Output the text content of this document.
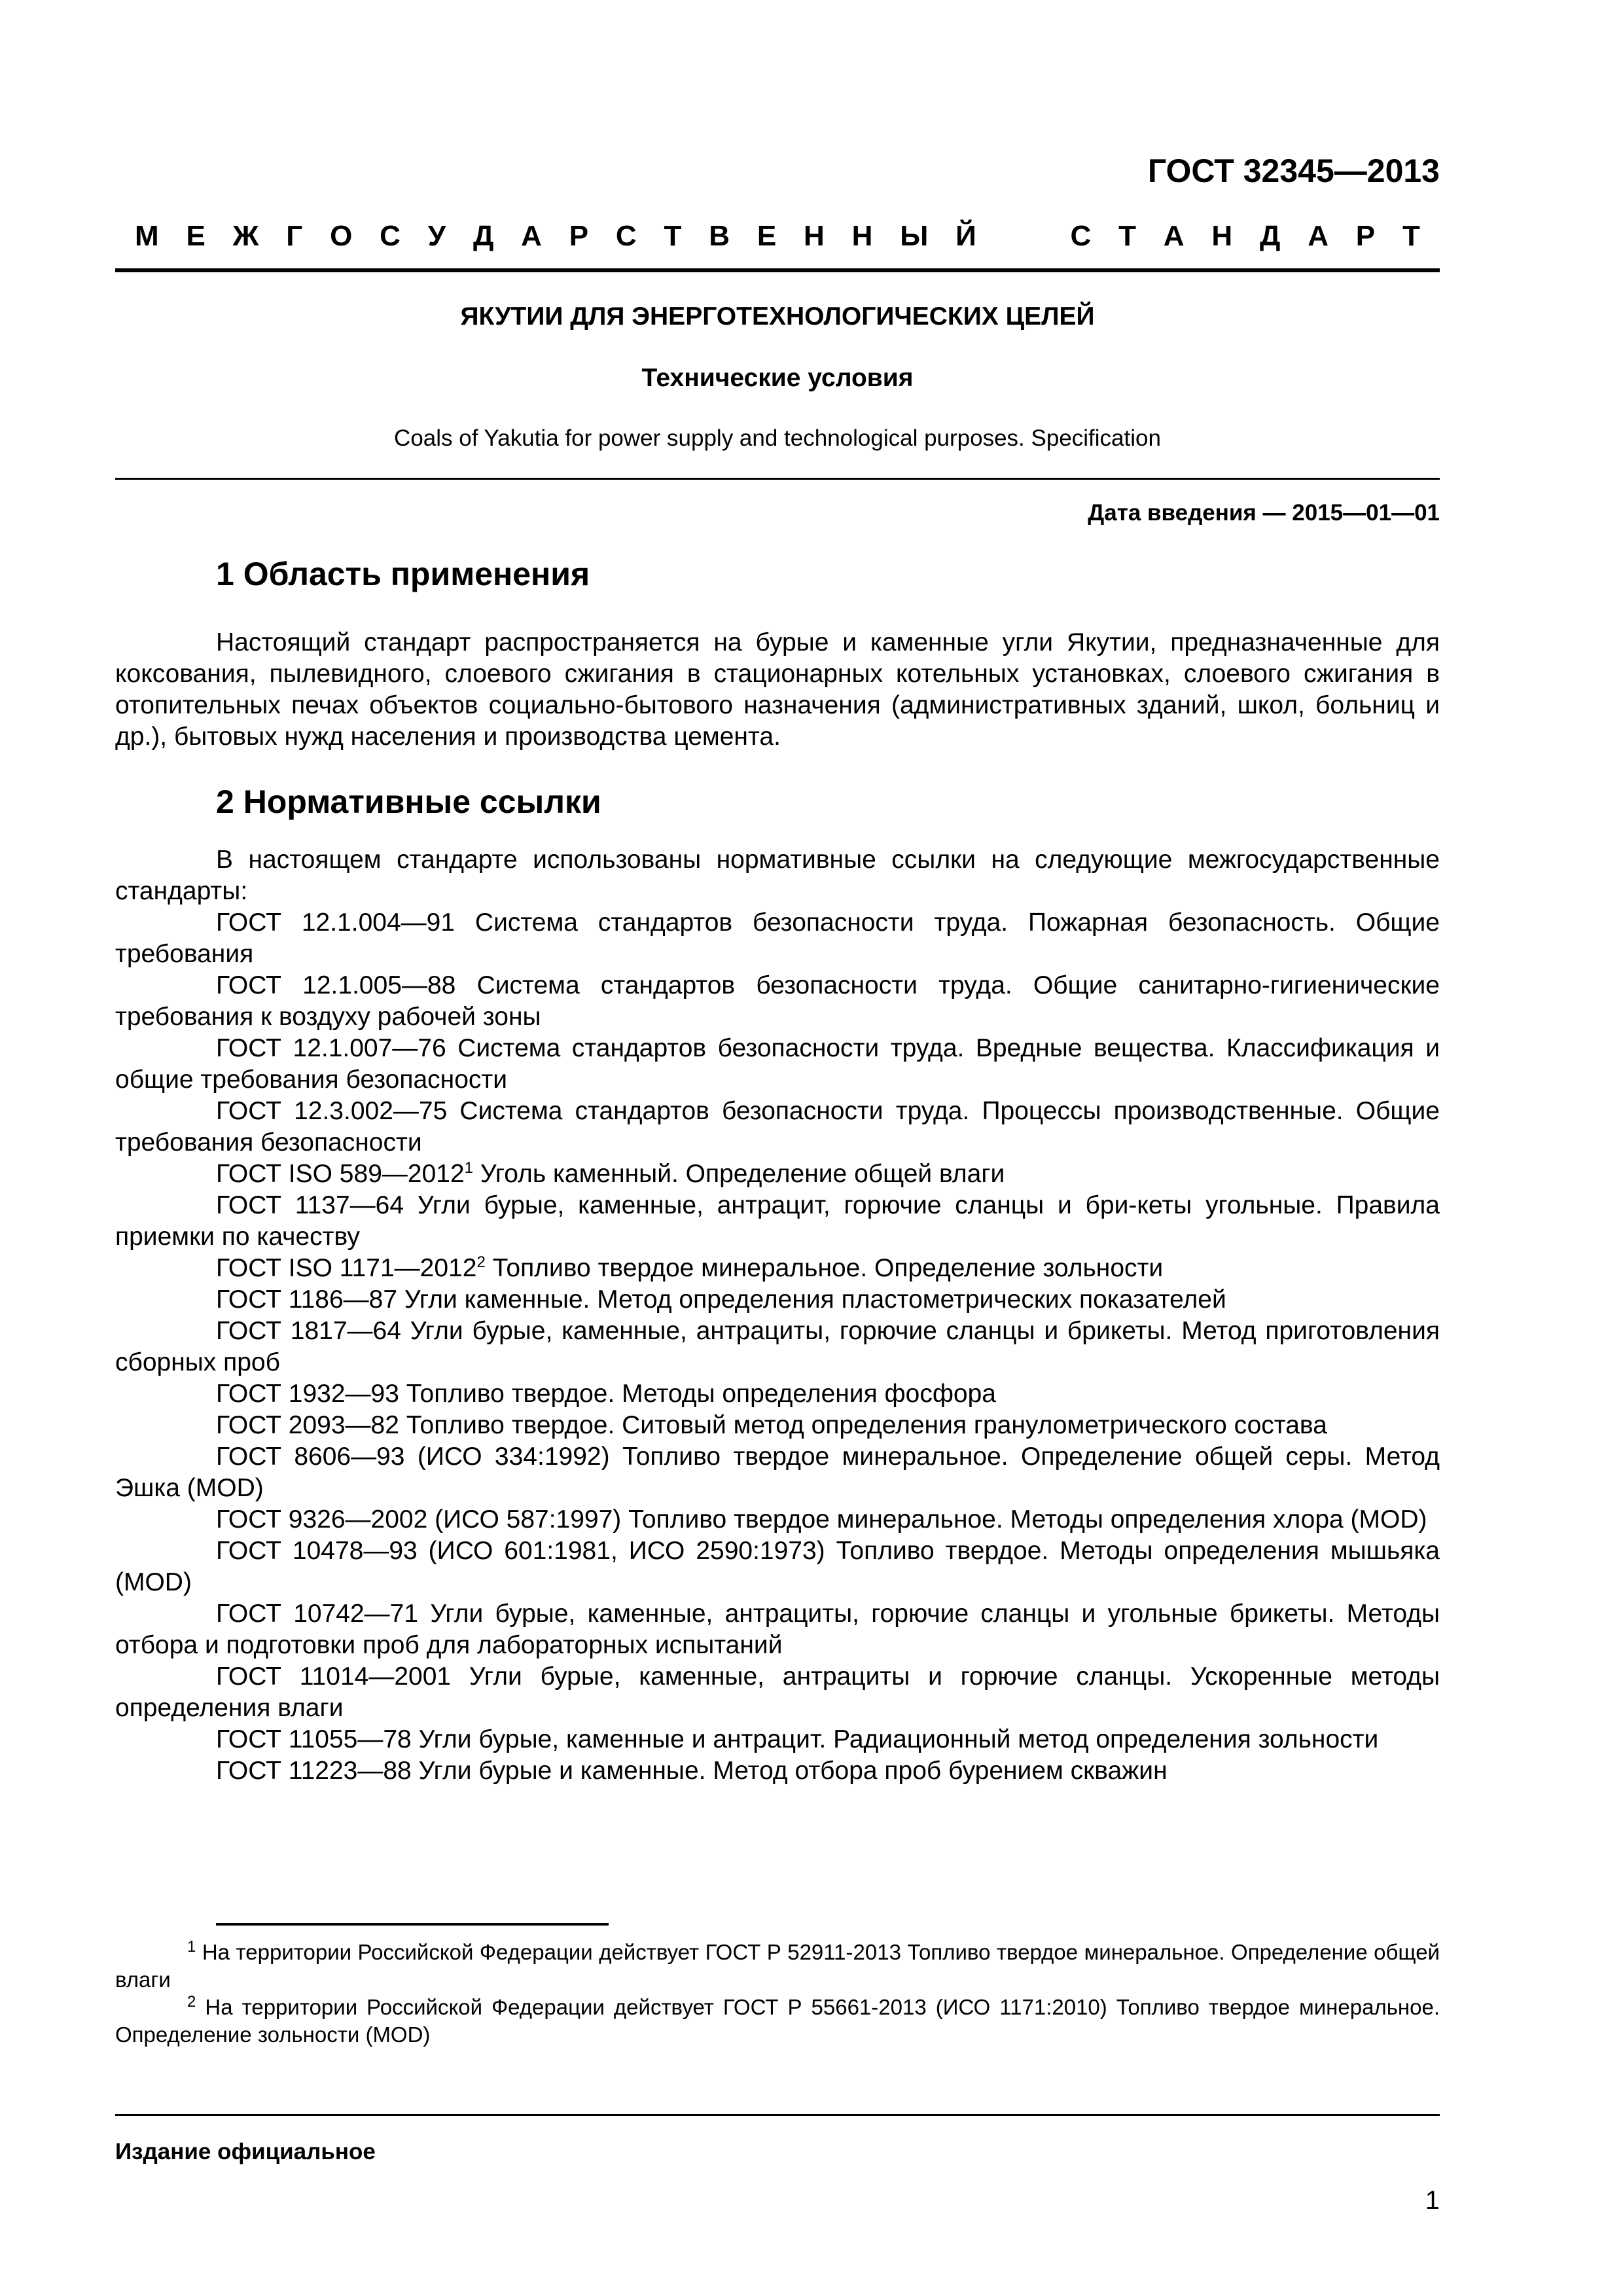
ГОСТ 32345—2013
М Е Ж Г О С У Д А Р С Т В Е Н Н Ы Й	С Т А Н Д А Р Т
ЯКУТИИ ДЛЯ ЭНЕРГОТЕХНОЛОГИЧЕСКИХ ЦЕЛЕЙ
Технические условия
Coals of Yakutia for power supply and technological purposes. Specification
Дата введения — 2015—01—01
1 Область применения
Настоящий стандарт распространяется на бурые и каменные угли Якутии, предназначенные для коксования, пылевидного, слоевого сжигания в стационарных котельных установках, слоевого сжигания в отопительных печах объектов социально-бытового назначения (административных зданий, школ, больниц и др.), бытовых нужд населения и производства цемента.
2 Нормативные ссылки

В настоящем стандарте использованы нормативные ссылки на следующие межгосударственные стандарты:

ГОСТ 12.1.004—91 Система стандартов безопасности труда. Пожарная безопасность. Общие требования

ГОСТ 12.1.005—88 Система стандартов безопасности труда. Общие санитарно-гигиенические требования к воздуху рабочей зоны

ГОСТ 12.1.007—76 Система стандартов безопасности труда. Вредные вещества. Классификация и общие требования безопасности

ГОСТ 12.3.002—75 Система стандартов безопасности труда. Процессы производственные. Общие требования безопасности

ГОСТ ISO 589—2012$^1$ Уголь каменный. Определение общей влаги

ГОСТ 1137—64 Угли бурые, каменные, антрацит, горючие сланцы и бри-кеты угольные. Правила приемки по качеству

ГОСТ ISO 1171—2012$^2$ Топливо твердое минеральное. Определение зольности

ГОСТ 1186—87 Угли каменные. Метод определения пластометрических показателей

ГОСТ 1817—64 Угли бурые, каменные, антрациты, горючие сланцы и брикеты. Метод приготовления сборных проб

ГОСТ 1932—93 Топливо твердое. Методы определения фосфора

ГОСТ 2093—82 Топливо твердое. Ситовый метод определения гранулометрического состава

ГОСТ 8606—93 (ИСО 334:1992) Топливо твердое минеральное. Определение общей серы. Метод Эшка (MOD)

ГОСТ 9326—2002 (ИСО 587:1997) Топливо твердое минеральное. Методы определения хлора (MOD)

ГОСТ 10478—93 (ИСО 601:1981, ИСО 2590:1973) Топливо твердое. Методы определения мышьяка (MOD)

ГОСТ 10742—71 Угли бурые, каменные, антрациты, горючие сланцы и угольные брикеты. Методы отбора и подготовки проб для лабораторных испытаний

ГОСТ 11014—2001 Угли бурые, каменные, антрациты и горючие сланцы. Ускоренные методы определения влаги

ГОСТ 11055—78 Угли бурые, каменные и антрацит. Радиационный метод определения зольности

ГОСТ 11223—88 Угли бурые и каменные. Метод отбора проб бурением скважин

$^1$ На территории Российской Федерации действует ГОСТ Р 52911-2013 Топливо твердое минеральное. Определение общей влаги

$^2$ На территории Российской Федерации действует ГОСТ Р 55661-2013 (ИСО 1171:2010) Топливо твердое минеральное. Определение зольности (MOD)

Издание официальное
1
